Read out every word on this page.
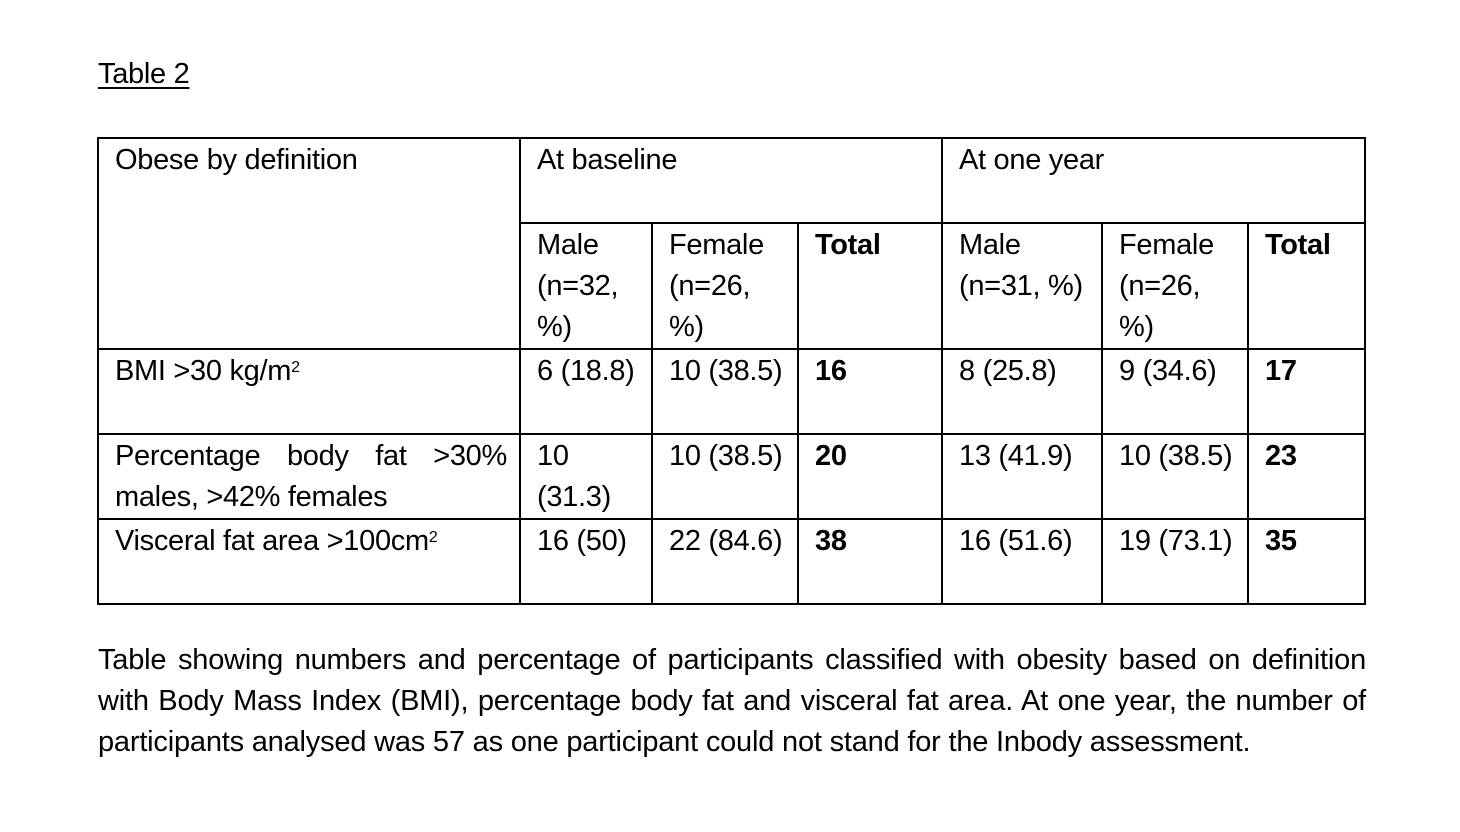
Table 2
Obese by definition	At baseline			At one year		
	Male (n=32, %)	Female (n=26, %)	Total	Male (n=31, %)	Female (n=26, %)	Total
BMI >30 $kg/m^2$	6 (18.8)	10 (38.5)	16	8 (25.8)	9 (34.6)	17
Percentage body fat >30% males, >42% females	10 (31.3)	10 (38.5)	20	13 (41.9)	10 (38.5)	23
Visceral fat area $>100cm^2$	16 (50)	22 (84.6)	38	16 (51.6)	19 (73.1)	35

Table showing numbers and percentage of participants classified with obesity based on definition with Body Mass Index (BMI), percentage body fat and visceral fat area. At one year, the number of participants analysed was 57 as one participant could not stand for the Inbody assessment.
